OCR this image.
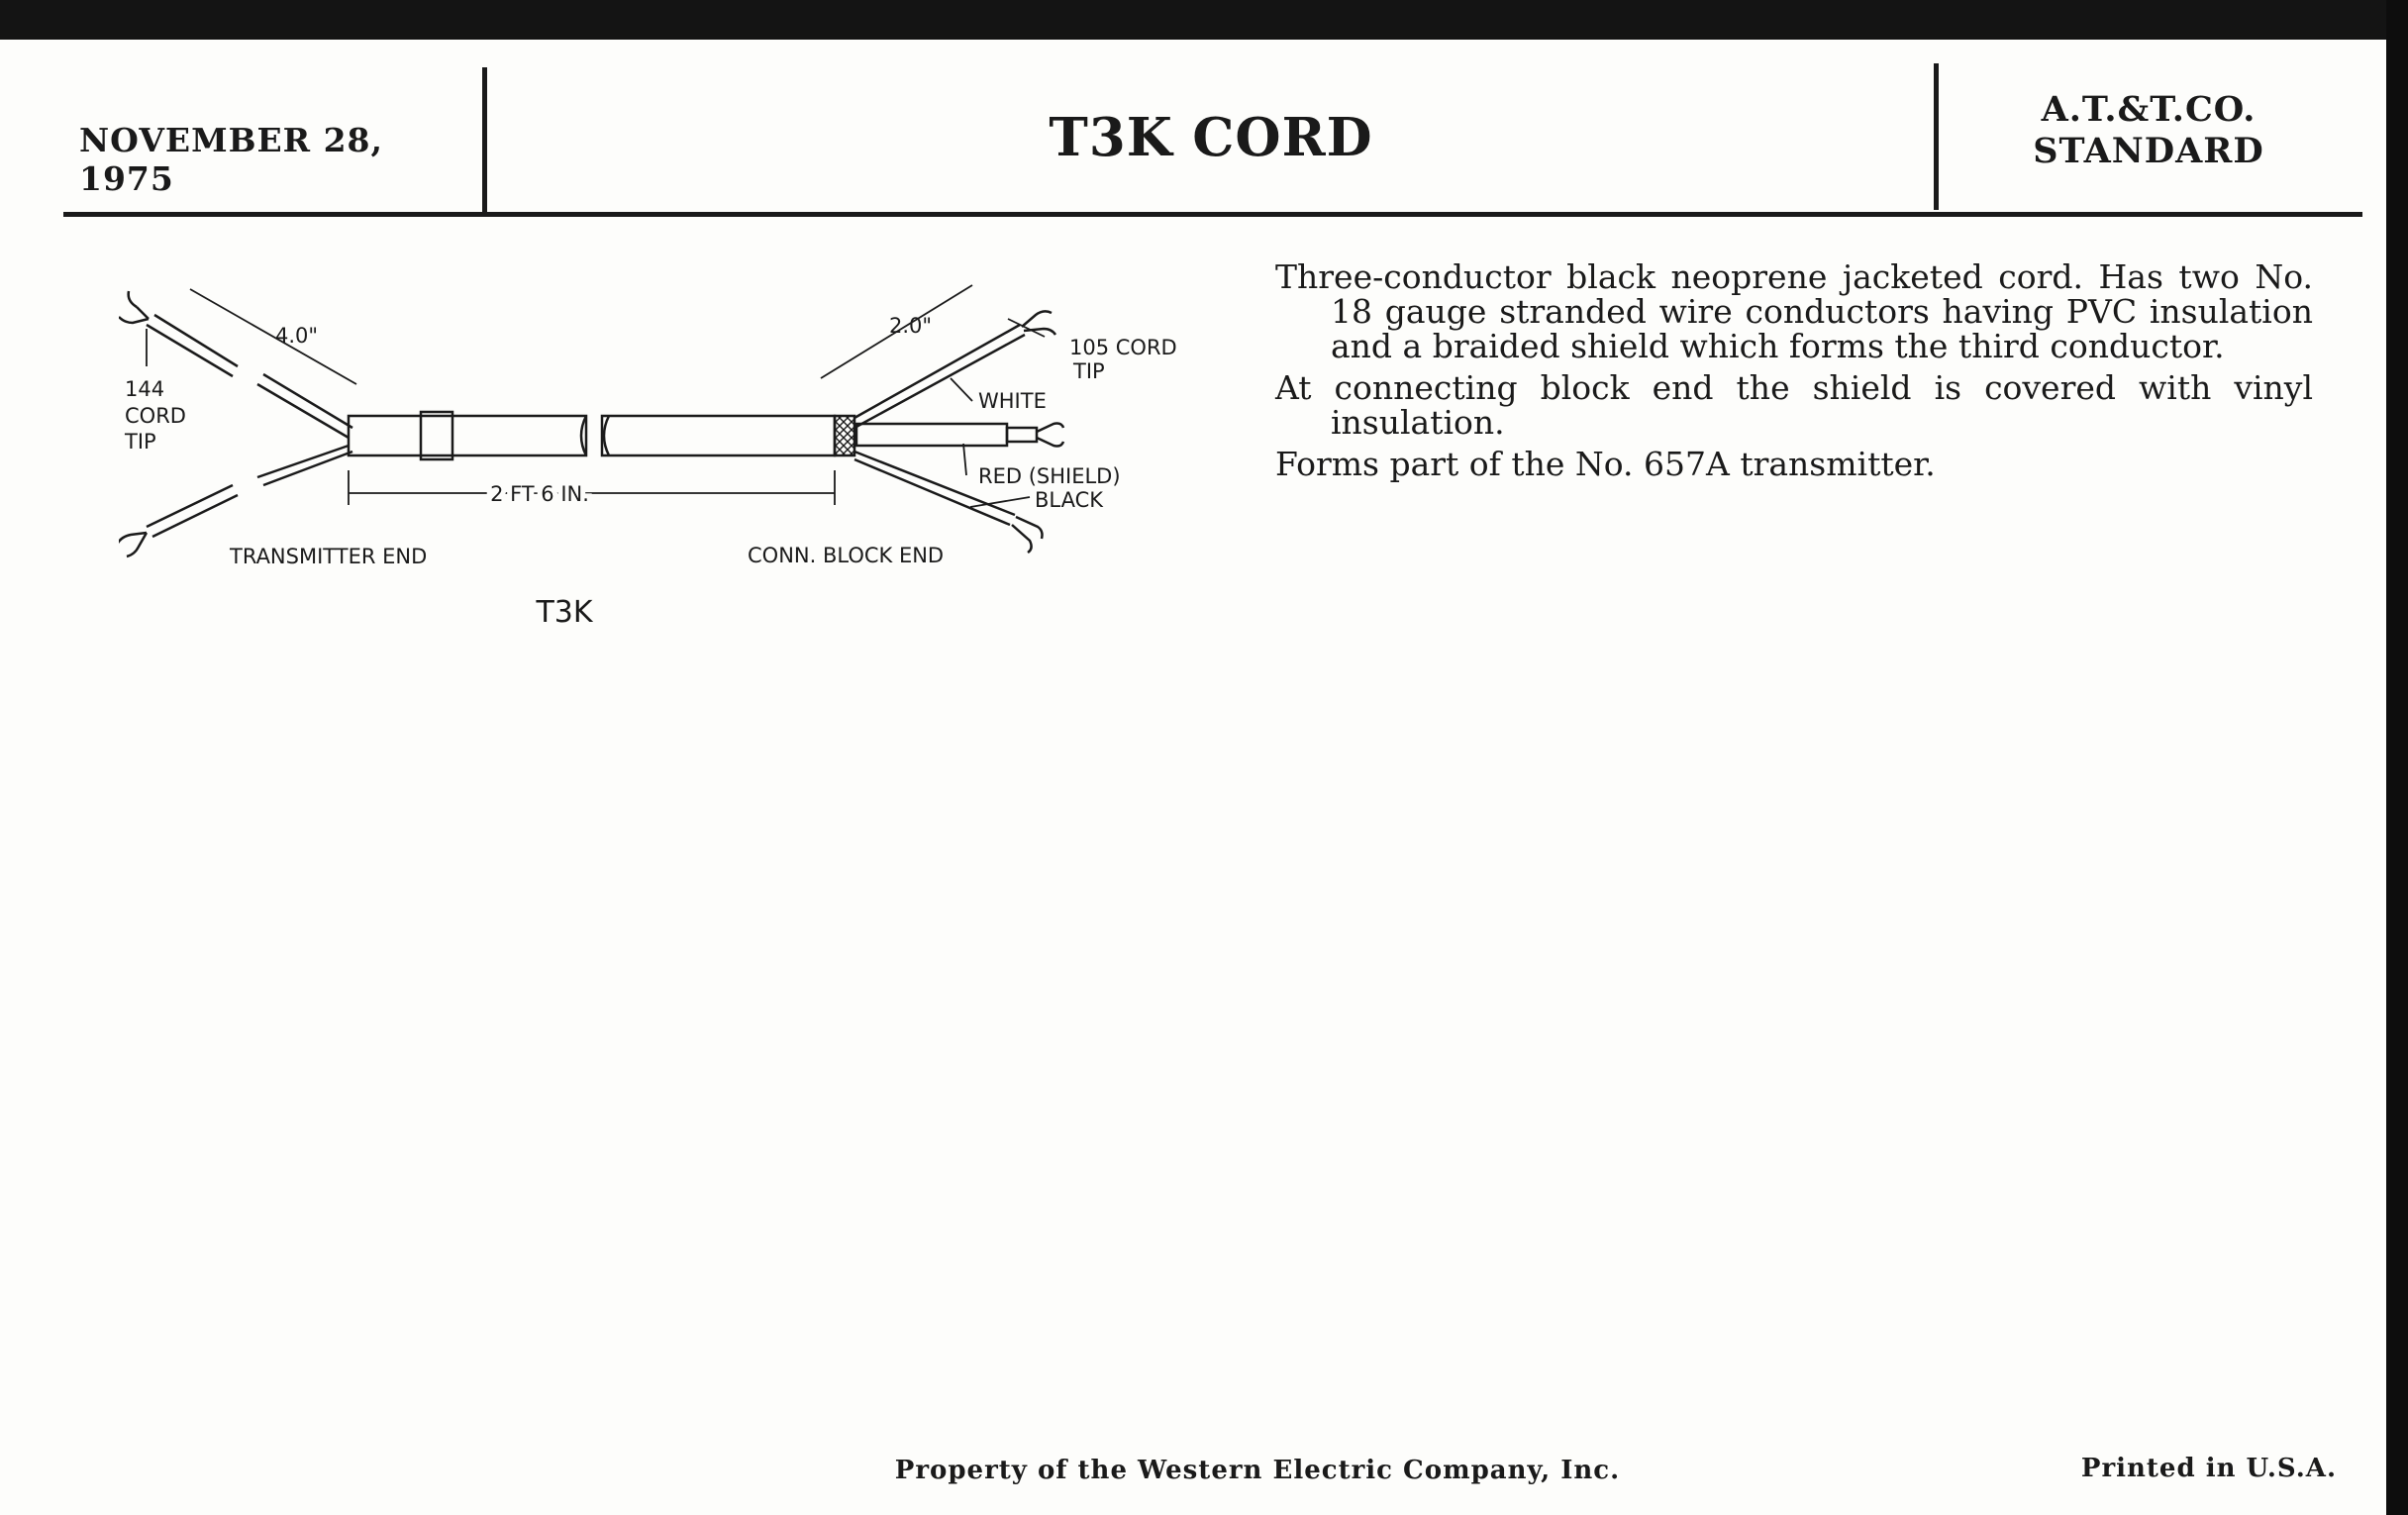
NOVEMBER 28, 1975
T3K CORD	A.T.&T.CO.
STANDARD
4.0"	2.0"
2 FT 6 IN.
144
CORD
TIP
105 CORD
TIP
WHITE
RED (SHIELD)
BLACK
TRANSMITTER END	CONN. BLOCK END
T3K

Three-conductor black neoprene jacketed cord. Has two No. 18 gauge stranded wire conductors having PVC insulation and a braided shield which forms the third conductor.

At connecting block end the shield is covered with vinyl insulation.

Forms part of the No. 657A transmitter.

Property of the Western Electric Company, Inc.	Printed in U.S.A.
